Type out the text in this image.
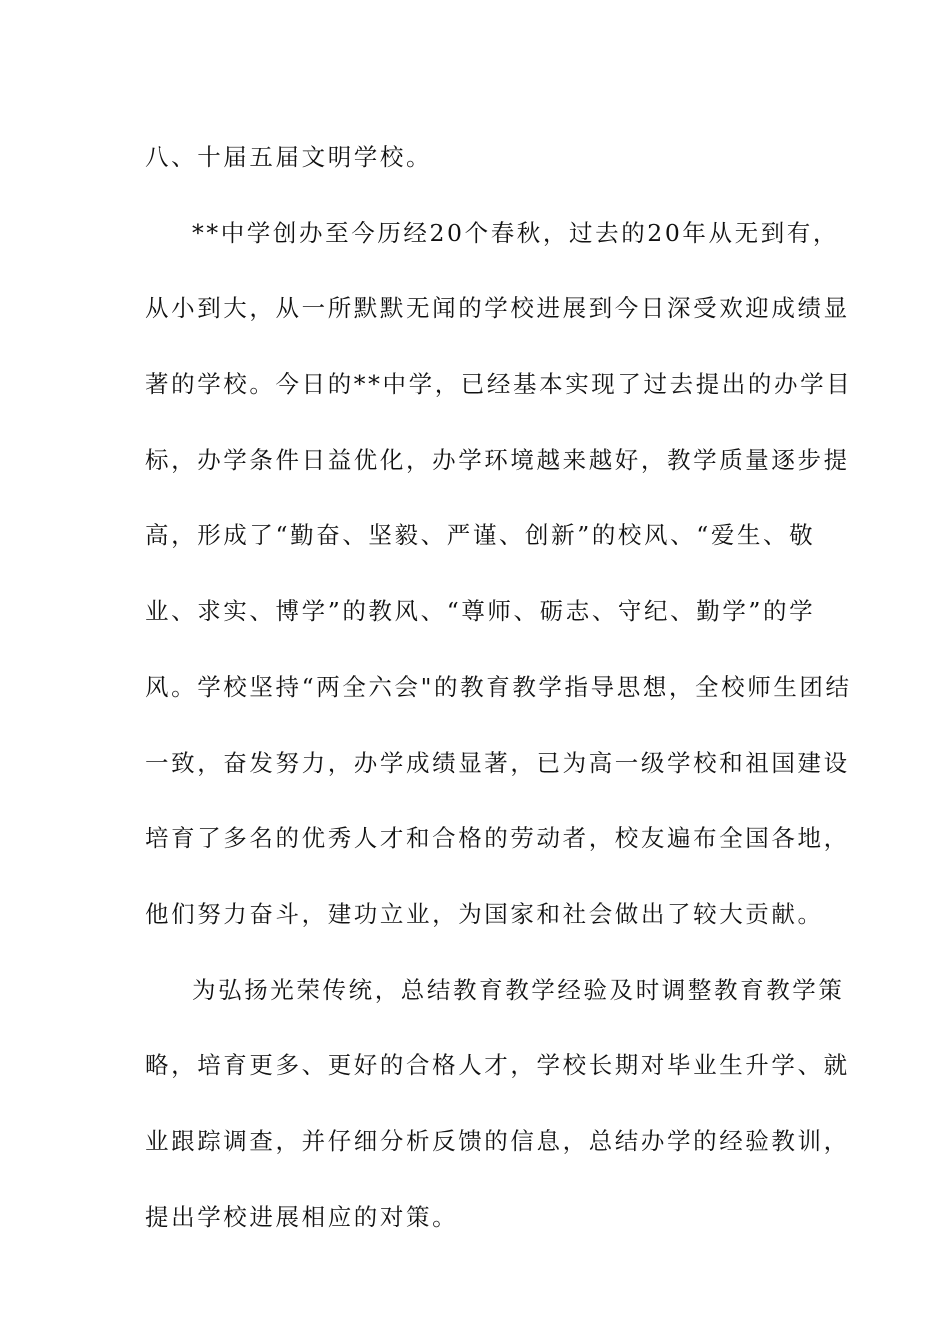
八、十届五届文明学校。
**中学创办至今历经20个春秋，过去的20年从无到有，
从小到大，从一所默默无闻的学校进展到今日深受欢迎成绩显
著的学校。今日的**中学，已经基本实现了过去提出的办学目
标，办学条件日益优化，办学环境越来越好，教学质量逐步提
高，形成了“勤奋、坚毅、严谨、创新”的校风、“爱生、敬
业、求实、博学”的教风、“尊师、砺志、守纪、勤学”的学
风。学校坚持“两全六会"的教育教学指导思想，全校师生团结
一致，奋发努力，办学成绩显著，已为高一级学校和祖国建设
培育了多名的优秀人才和合格的劳动者，校友遍布全国各地，
他们努力奋斗，建功立业，为国家和社会做出了较大贡献。
为弘扬光荣传统，总结教育教学经验及时调整教育教学策
略，培育更多、更好的合格人才，学校长期对毕业生升学、就
业跟踪调查，并仔细分析反馈的信息，总结办学的经验教训，
提出学校进展相应的对策。
